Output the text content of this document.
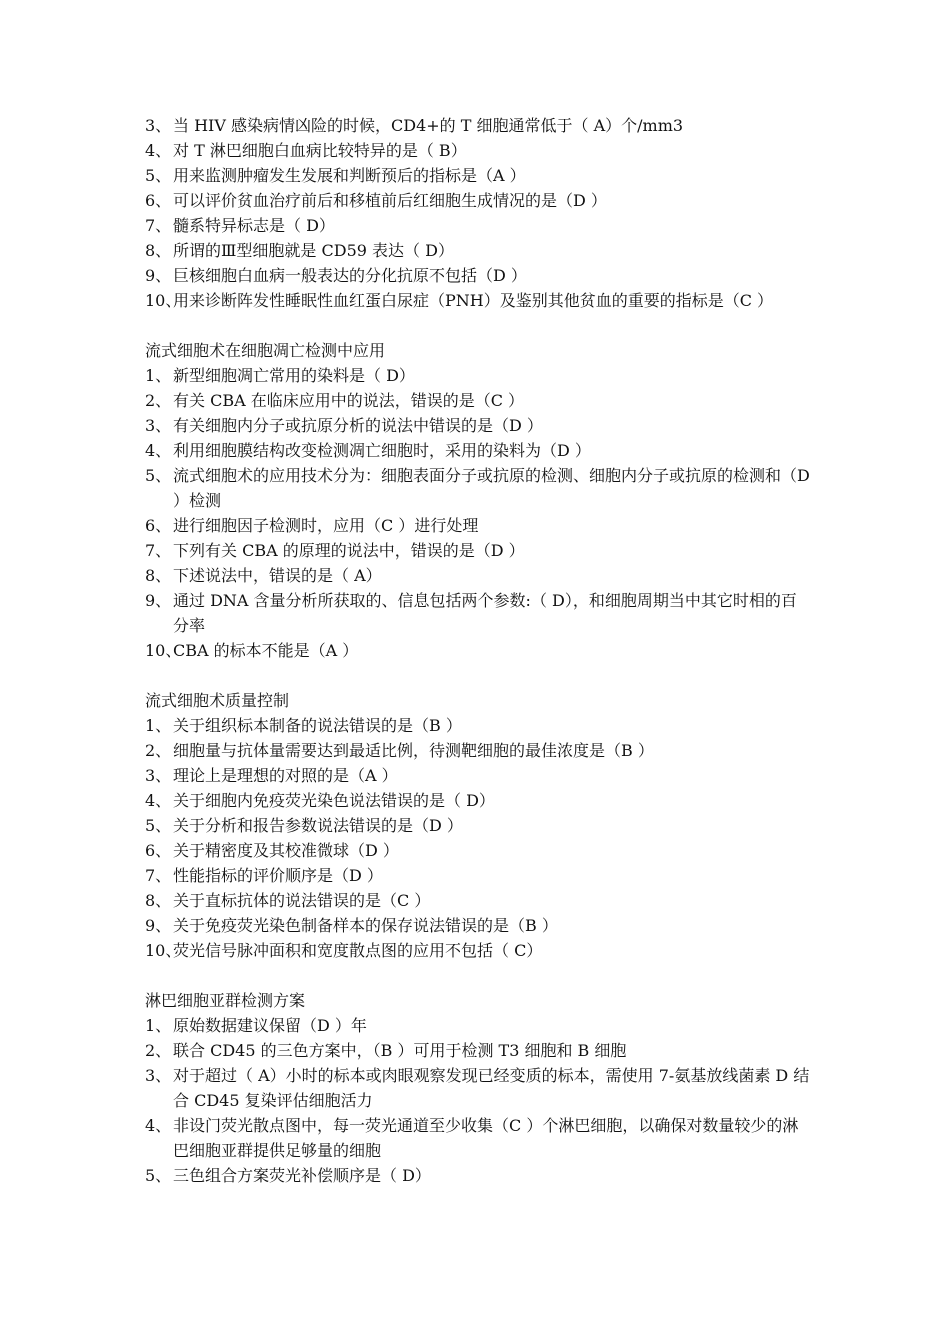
3、 当 HIV 感染病情凶险的时候，CD4+的 T 细胞通常低于（ A）个/mm3
4、 对 T 淋巴细胞白血病比较特异的是（ B）
5、 用来监测肿瘤发生发展和判断预后的指标是（A ）
6、 可以评价贫血治疗前后和移植前后红细胞生成情况的是（D ）
7、 髓系特异标志是（ D）
8、 所谓的Ⅲ型细胞就是 CD59 表达（ D）
9、 巨核细胞白血病一般表达的分化抗原不包括（D ）
10、
用来诊断阵发性睡眠性血红蛋白尿症（PNH）及鉴别其他贫血的重要的指标是（C ）
流式细胞术在细胞凋亡检测中应用
1、 新型细胞凋亡常用的染料是（ D）
2、 有关 CBA 在临床应用中的说法，错误的是（C ）
3、 有关细胞内分子或抗原分析的说法中错误的是（D ）
4、 利用细胞膜结构改变检测凋亡细胞时，采用的染料为（D ）
5、 流式细胞术的应用技术分为：细胞表面分子或抗原的检测、细胞内分子或抗原的检测和（D ）检测
6、 进行细胞因子检测时，应用（C ）进行处理
7、 下列有关 CBA 的原理的说法中，错误的是（D ）
8、 下述说法中，错误的是（ A）
9、 通过 DNA 含量分析所获取的、信息包括两个参数:（ D），和细胞周期当中其它时相的百分率
10、
CBA 的标本不能是（A ）
流式细胞术质量控制
1、 关于组织标本制备的说法错误的是（B ）
2、 细胞量与抗体量需要达到最适比例，待测靶细胞的最佳浓度是（B ）
3、 理论上是理想的对照的是（A ）
4、 关于细胞内免疫荧光染色说法错误的是（ D）
5、 关于分析和报告参数说法错误的是（D ）
6、 关于精密度及其校准微球（D ）
7、 性能指标的评价顺序是（D ）
8、 关于直标抗体的说法错误的是（C ）
9、 关于免疫荧光染色制备样本的保存说法错误的是（B ）
10、
荧光信号脉冲面积和宽度散点图的应用不包括（ C）
淋巴细胞亚群检测方案
1、 原始数据建议保留（D ）年
2、 联合 CD45 的三色方案中，（B ）可用于检测 T3 细胞和 B 细胞
3、 对于超过（ A）小时的标本或肉眼观察发现已经变质的标本，需使用 7-氨基放线菌素 D 结合 CD45 复染评估细胞活力
4、 非设门荧光散点图中，每一荧光通道至少收集（C ）个淋巴细胞，以确保对数量较少的淋巴细胞亚群提供足够量的细胞
5、 三色组合方案荧光补偿顺序是（ D）
